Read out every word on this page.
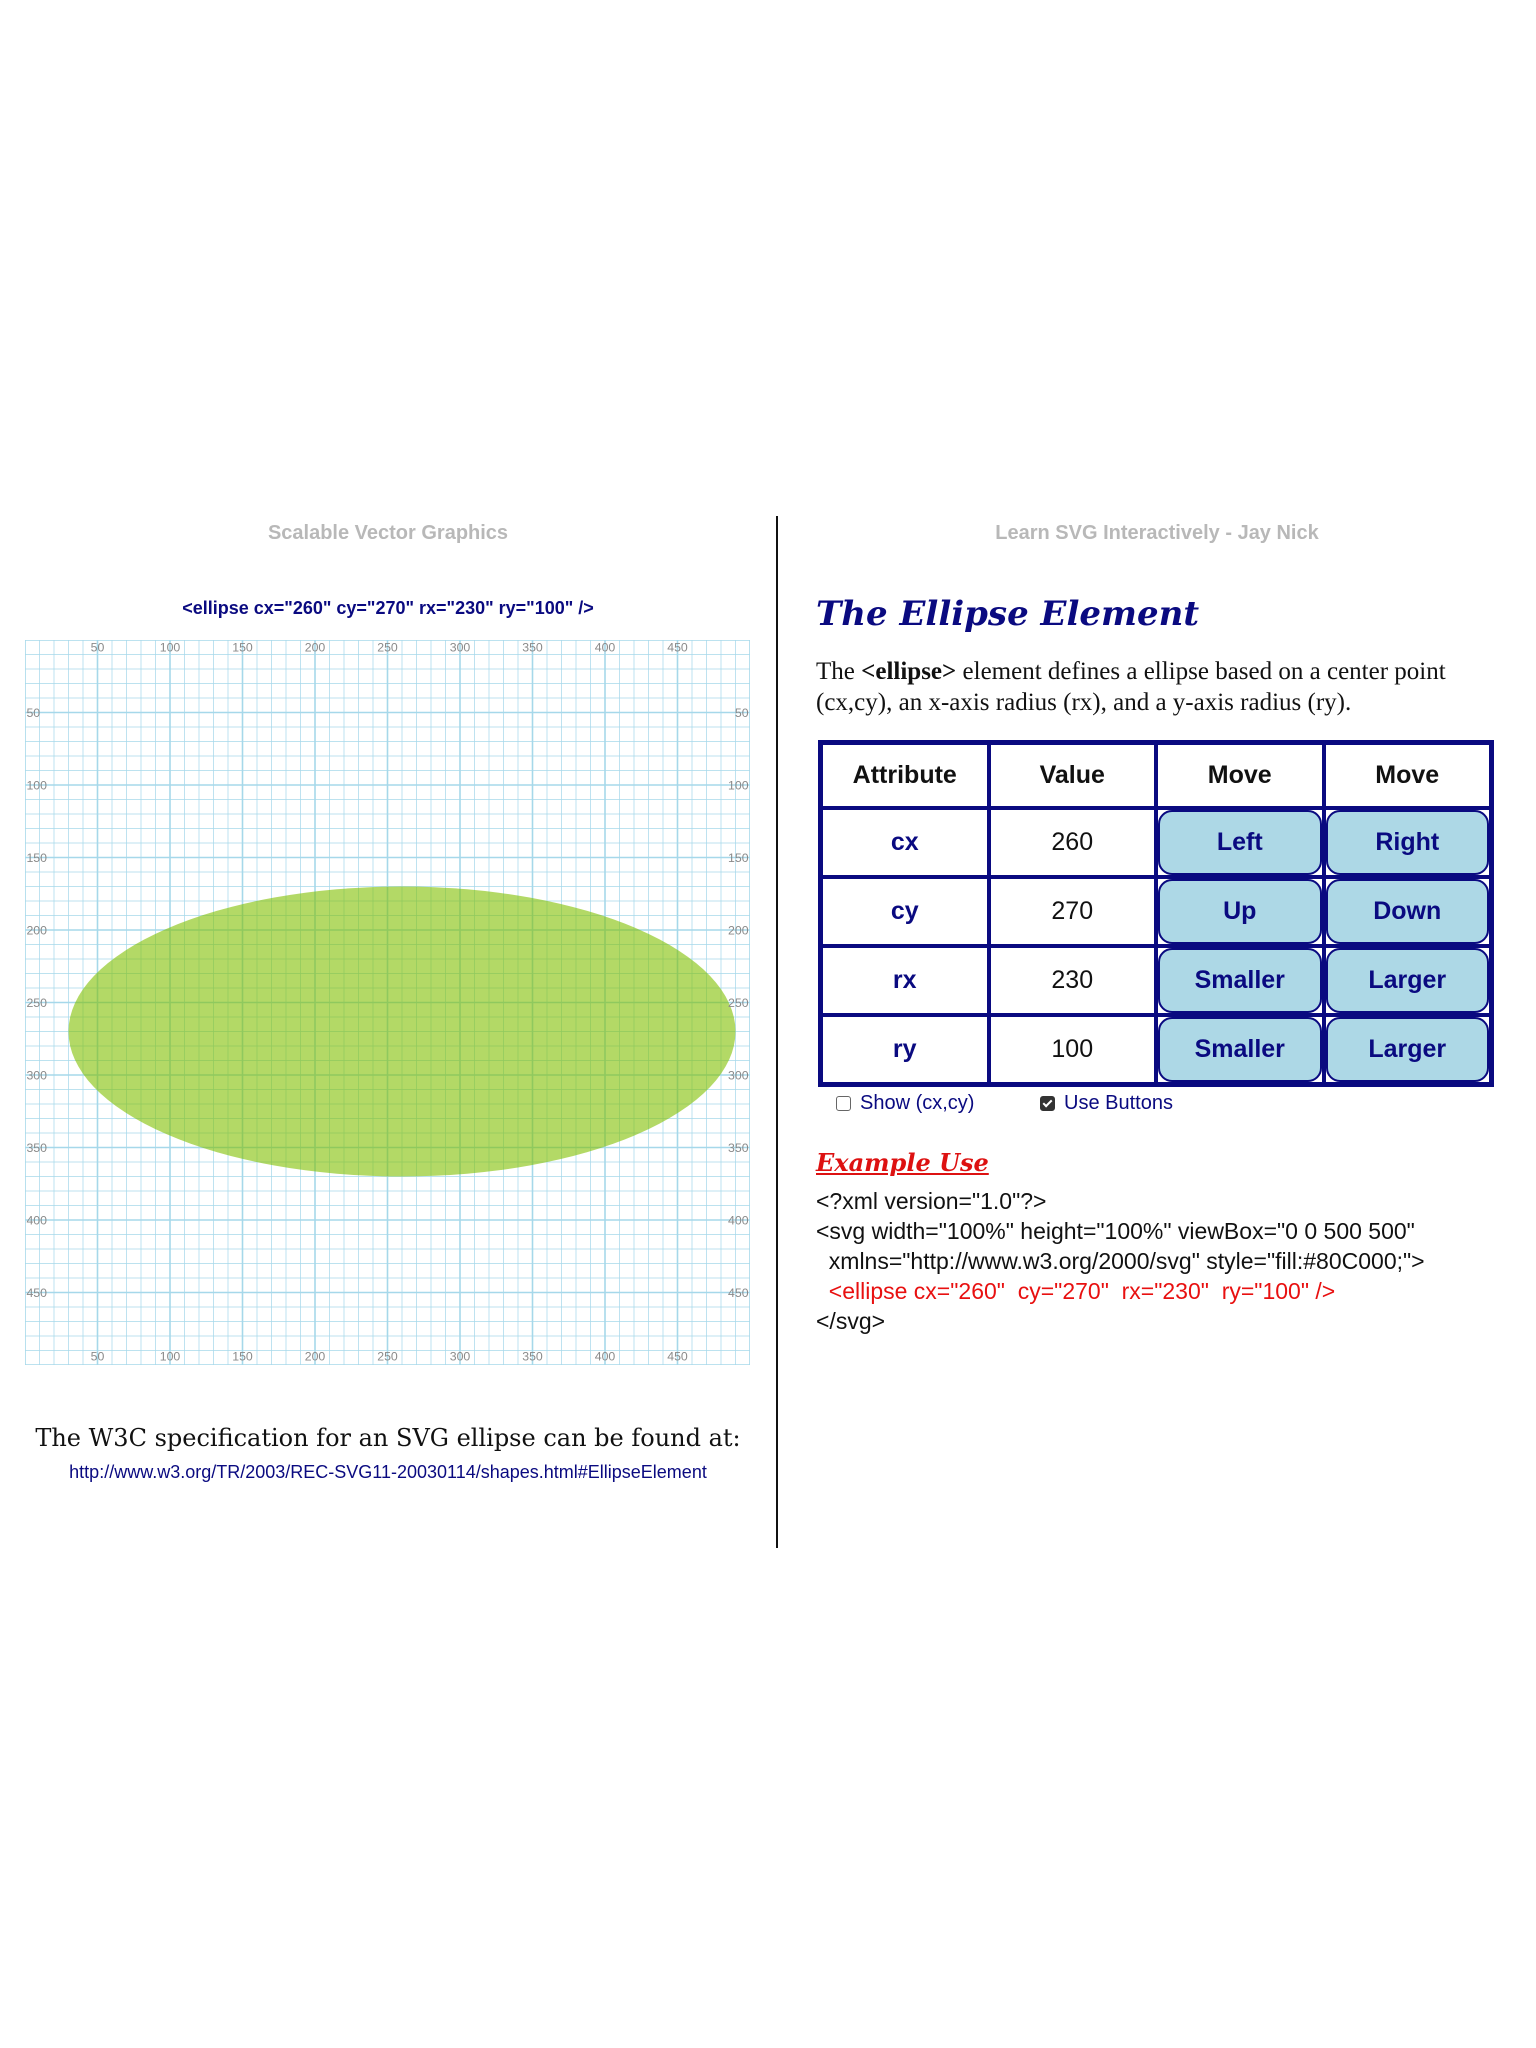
Scalable Vector Graphics
<ellipse cx="260" cy="270" rx="230" ry="100" />
50
50
50	50
100
100
100	100
150
150
150	150
200
200
200	200
250
250
250	250
300
300
300	300
350
350
350	350
400
400
400	400
450
450
450	450
The W3C specification for an SVG ellipse can be found at:
http://www.w3.org/TR/2003/REC-SVG11-20030114/shapes.html#EllipseElement
Learn SVG Interactively - Jay Nick
The Ellipse Element
The <ellipse> element defines a ellipse based on a center point (cx,cy), an x-axis radius (rx), and a y-axis radius (ry).
Attribute	Value	Move	Move
cx	260	Left	Right

cy	270	Up	Down

rx	230	Smaller	Larger

ry	100	Smaller	Larger
Show (cx,cy)	Use Buttons
Example Use
<?xml version="1.0"?>
<svg width="100%" height="100%" viewBox="0 0 500 500"
xmlns="http://www.w3.org/2000/svg" style="fill:#80C000;">
<ellipse cx="260"  cy="270"  rx="230"  ry="100" />
</svg>
